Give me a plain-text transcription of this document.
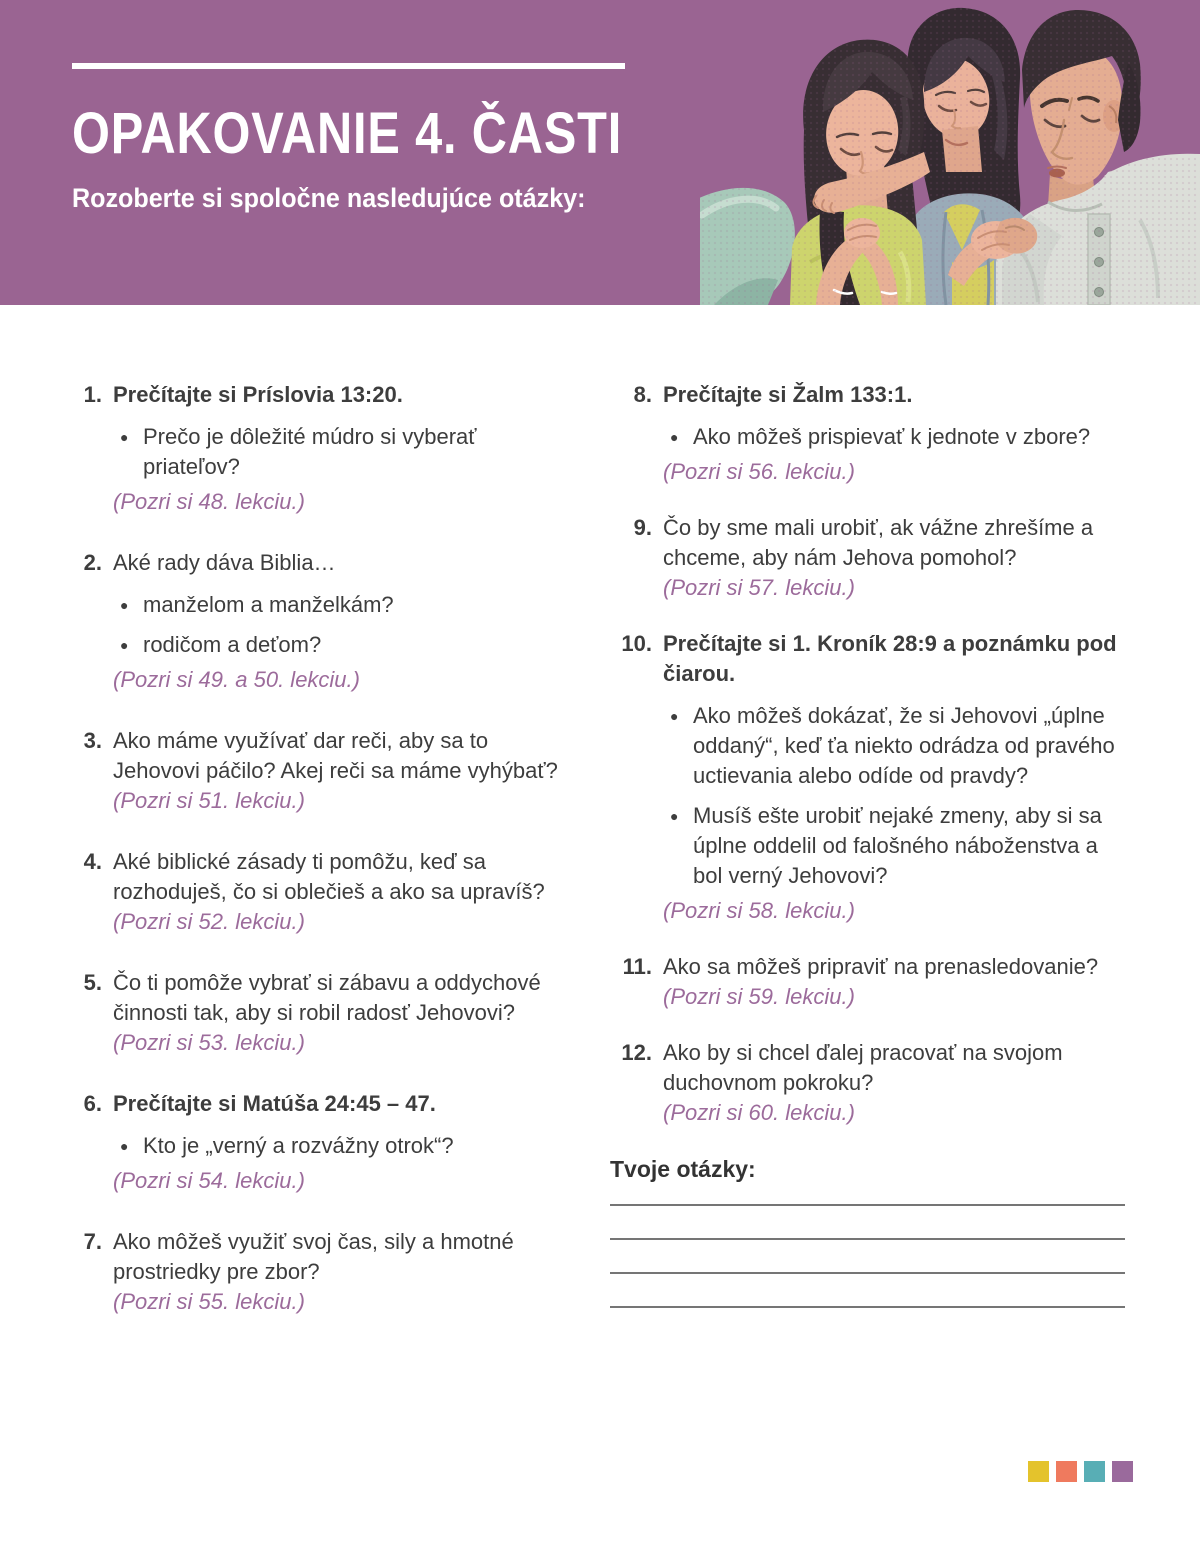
OPAKOVANIE 4. ČASTI

Rozoberte si spoločne nasledujúce otázky:

1. Prečítajte si Príslovia 13:20.

● Prečo je dôležité múdro si vyberať priateľov?

(Pozri si 48. lekciu.)

2. Aké rady dáva Biblia…

● manželom a manželkám?
● rodičom a deťom?

(Pozri si 49. a 50. lekciu.)

3. Ako máme využívať dar reči, aby sa to Jehovovi páčilo? Akej reči sa máme vyhýbať?

(Pozri si 51. lekciu.)

4. Aké biblické zásady ti pomôžu, keď sa rozhoduješ, čo si oblečieš a ako sa upravíš?

(Pozri si 52. lekciu.)

5. Čo ti pomôže vybrať si zábavu a oddychové činnosti tak, aby si robil radosť Jehovovi?

(Pozri si 53. lekciu.)

6. Prečítajte si Matúša 24:45 – 47.

● Kto je „verný a rozvážny otrok“?

(Pozri si 54. lekciu.)

7. Ako môžeš využiť svoj čas, sily a hmotné prostriedky pre zbor?

(Pozri si 55. lekciu.)

8. Prečítajte si Žalm 133:1.

● Ako môžeš prispievať k jednote v zbore?

(Pozri si 56. lekciu.)

9. Čo by sme mali urobiť, ak vážne zhrešíme a chceme, aby nám Jehova pomohol?

(Pozri si 57. lekciu.)

10. Prečítajte si 1. Kroník 28:9 a poznámku pod čiarou.

● Ako môžeš dokázať, že si Jehovovi „úplne oddaný“, keď ťa niekto odrádza od pravého uctievania alebo odíde od pravdy?
● Musíš ešte urobiť nejaké zmeny, aby si sa úplne oddelil od falošného náboženstva a bol verný Jehovovi?

(Pozri si 58. lekciu.)

11. Ako sa môžeš pripraviť na prenasledovanie?

(Pozri si 59. lekciu.)

12. Ako by si chcel ďalej pracovať na svojom duchovnom pokroku?

(Pozri si 60. lekciu.)

Tvoje otázky:
